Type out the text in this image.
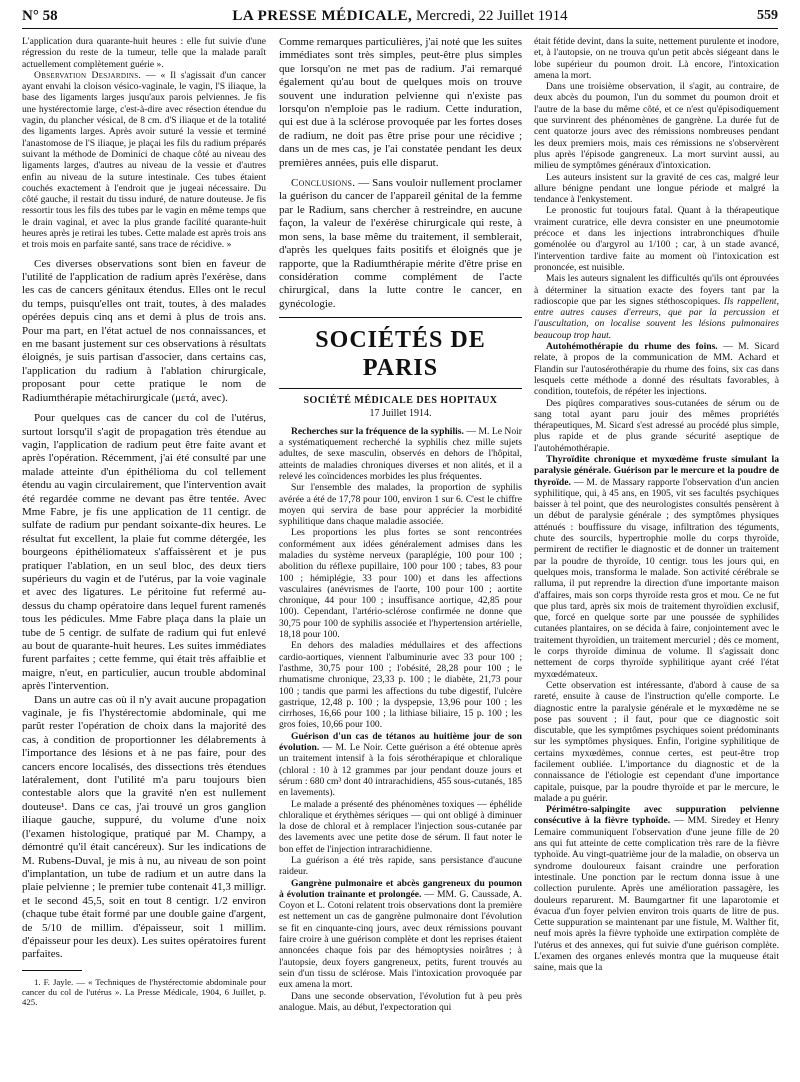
N° 58	LA PRESSE MÉDICALE, Mercredi, 22 Juillet 1914	559

L'application dura quarante-huit heures : elle fut suivie d'une régression du reste de la tumeur, telle que la malade paraît actuellement complètement guérie ».

Observation Desjardins. — « Il s'agissait d'un cancer ayant envahi la cloison vésico-vaginale, le vagin, l'S iliaque, la base des ligaments larges jusqu'aux parois pelviennes. Je fis une hystérectomie large, c'est-à-dire avec résection étendue du vagin, du plancher vésical, de 8 cm. d'S iliaque et de la totalité des ligaments larges. Après avoir suturé la vessie et terminé l'anastomose de l'S iliaque, je plaçai les fils du radium préparés suivant la méthode de Dominici de chaque côté au niveau des ligaments larges, d'autres au niveau de la vessie et d'autres enfin au niveau de la suture intestinale. Ces tubes étaient couchés exactement à l'endroit que je jugeai nécessaire. Du côté gauche, il restait du tissu induré, de nature douteuse. Je fis ressortir tous les fils des tubes par le vagin en même temps que le drain vaginal, et avec la plus grande facilité quarante-huit heures après je retirai les tubes. Cette malade est après trois ans et trois mois en parfaite santé, sans trace de récidive. »

Ces diverses observations sont bien en faveur de l'utilité de l'application de radium après l'exérèse, dans les cas de cancers génitaux étendus. Elles ont le recul du temps, puisqu'elles ont trait, toutes, à des malades opérées depuis cinq ans et demi à plus de trois ans. Pour ma part, en l'état actuel de nos connaissances, et en me basant justement sur ces observations à résultats éloignés, je suis partisan d'associer, dans certains cas, l'application du radium à l'ablation chirurgicale, proposant pour cette pratique le nom de Radiumthérapie métachirurgicale (μετά, avec).

Pour quelques cas de cancer du col de l'utérus, surtout lorsqu'il s'agit de propagation très étendue au vagin, l'application de radium peut être faite avant et après l'opération. Récemment, j'ai été consulté par une malade atteinte d'un épithélioma du col tellement étendu au vagin circulairement, que l'intervention avait été regardée comme ne devant pas être tentée. Avec Mme Fabre, je fis une application de 11 centigr. de sulfate de radium pur pendant soixante-dix heures. Le résultat fut excellent, la plaie fut comme détergée, les bourgeons épithéliomateux s'affaissèrent et je pus pratiquer l'ablation, en un seul bloc, des deux tiers supérieurs du vagin et de l'utérus, par la voie vaginale et avec des ligatures. Le péritoine fut refermé au-dessus du champ opératoire dans lequel furent ramenés tous les pédicules. Mme Fabre plaça dans la plaie un tube de 5 centigr. de sulfate de radium qui fut enlevé au bout de quarante-huit heures. Les suites immédiates furent parfaites ; cette femme, qui était très affaiblie et maigre, n'eut, en particulier, aucun trouble abdominal après l'intervention.

Dans un autre cas où il n'y avait aucune propagation vaginale, je fis l'hystérectomie abdominale, qui me parût rester l'opération de choix dans la majorité des cas, à condition de proportionner les délabrements à l'importance des lésions et à ne pas faire, pour des cancers encore localisés, des dissections très étendues latéralement, dont l'utilité m'a paru toujours bien contestable alors que la gravité n'en est nullement douteuse¹. Dans ce cas, j'ai trouvé un gros ganglion iliaque gauche, suppuré, du volume d'une noix (l'examen histologique, pratiqué par M. Champy, a démontré qu'il était cancéreux). Sur les indications de M. Rubens-Duval, je mis à nu, au niveau de son point d'implantation, un tube de radium et un autre dans la plaie pelvienne ; le premier tube contenait 41,3 milligr. et le second 45,5, soit en tout 8 centigr. 1/2 environ (chaque tube était formé par une double gaine d'argent, de 5/10 de millim. d'épaisseur, soit 1 millim. d'épaisseur pour les deux). Les suites opératoires furent parfaites.

1. F. Jayle. — « Techniques de l'hystérectomie abdominale pour cancer du col de l'utérus ». La Presse Médicale, 1904, 6 Juillet, p. 425.

Comme remarques particulières, j'ai noté que les suites immédiates sont très simples, peut-être plus simples que lorsqu'on ne met pas de radium. J'ai remarqué également qu'au bout de quelques mois on trouve souvent une induration pelvienne qui n'existe pas lorsqu'on n'emploie pas le radium. Cette induration, qui est due à la sclérose provoquée par les fortes doses de radium, ne doit pas être prise pour une récidive ; dans un de mes cas, je l'ai constatée pendant les deux premières années, puis elle disparut.

Conclusions. — Sans vouloir nullement proclamer la guérison du cancer de l'appareil génital de la femme par le Radium, sans chercher à restreindre, en aucune façon, la valeur de l'exérèse chirurgicale qui reste, à mon sens, la base même du traitement, il semblerait, d'après les quelques faits positifs et éloignés que je rapporte, que la Radiumthérapie mérite d'être prise en considération comme complément de l'acte chirurgical, dans la lutte contre le cancer, en gynécologie.

SOCIÉTÉS DE PARIS
SOCIÉTÉ MÉDICALE DES HOPITAUX
17 Juillet 1914.

Recherches sur la fréquence de la syphilis. — M. Le Noir a systématiquement recherché la syphilis chez mille sujets adultes, de sexe masculin, observés en dehors de l'hôpital, atteints de maladies chroniques diverses et non alités, et il a relevé les coïncidences morbides les plus fréquentes.

Sur l'ensemble des malades, la proportion de syphilis avérée a été de 17,78 pour 100, environ 1 sur 6. C'est le chiffre moyen qui servira de base pour apprécier la morbidité syphilitique dans chaque maladie associée.

Les proportions les plus fortes se sont rencontrées conformément aux idées généralement admises dans les maladies du système nerveux (paraplégie, 100 pour 100 ; abolition du réflexe pupillaire, 100 pour 100 ; tabes, 83 pour 100 ; hémiplégie, 33 pour 100) et dans les affections vasculaires (anévrismes de l'aorte, 100 pour 100 ; aortite chronique, 44 pour 100 ; insuffisance aortique, 42,85 pour 100). Cependant, l'artério-sclérose confirmée ne donne que 30,75 pour 100 de syphilis associée et l'hypertension artérielle, 18,18 pour 100.

En dehors des maladies médullaires et des affections cardio-aortiques, viennent l'albuminurie avec 33 pour 100 ; l'asthme, 30,75 pour 100 ; l'obésité, 28,28 pour 100 ; le rhumatisme chronique, 23,33 p. 100 ; le diabète, 21,73 pour 100 ; tandis que parmi les affections du tube digestif, l'ulcère gastrique, 12,48 p. 100 ; la dyspepsie, 13,96 pour 100 ; les cirrhoses, 16,66 pour 100 ; la lithiase biliaire, 15 p. 100 ; les gros foies, 10,66 pour 100.

Guérison d'un cas de tétanos au huitième jour de son évolution. — M. Le Noir. Cette guérison a été obtenue après un traitement intensif à la fois sérothérapique et chloralique (chloral : 10 à 12 grammes par jour pendant douze jours et sérum : 680 cm³ dont 40 intrarachidiens, 455 sous-cutanés, 185 en lavements).

Le malade a présenté des phénomènes toxiques — éphélide chloralique et érythèmes sériques — qui ont obligé à diminuer la dose de chloral et à remplacer l'injection sous-cutanée par des lavements avec une petite dose de sérum. Il faut noter le bon effet de l'injection intrarachidienne.

La guérison a été très rapide, sans persistance d'aucune raideur.

Gangrène pulmonaire et abcès gangreneux du poumon à évolution traînante et prolongée. — MM. G. Caussade, A. Coyon et L. Cotoni relatent trois observations dont la première est nettement un cas de gangrène pulmonaire dont l'évolution se fit en cinquante-cinq jours, avec deux rémissions pouvant faire croire à une guérison complète et dont les reprises étaient annoncées chaque fois par des hémoptysies noirâtres ; à l'autopsie, deux foyers gangreneux, petits, furent trouvés au sein d'un tissu de sclérose. Mais l'intoxication provoquée par eux amena la mort.

Dans une seconde observation, l'évolution fut à peu près analogue. Mais, au début, l'expectoration qui

était fétide devint, dans la suite, nettement purulente et inodore, et, à l'autopsie, on ne trouva qu'un petit abcès siégeant dans le lobe supérieur du poumon droit. Là encore, l'intoxication amena la mort.

Dans une troisième observation, il s'agit, au contraire, de deux abcès du poumon, l'un du sommet du poumon droit et l'autre de la base du même côté, et ce n'est qu'épisodiquement que survinrent des phénomènes de gangrène. La durée fut de cent quatorze jours avec des rémissions nombreuses pendant les deux premiers mois, mais ces rémissions ne s'observèrent plus après l'épisode gangreneux. La mort survint aussi, au milieu de symptômes généraux d'intoxication.

Les auteurs insistent sur la gravité de ces cas, malgré leur allure bénigne pendant une longue période et malgré la tendance à l'enkystement.

Le pronostic fut toujours fatal. Quant à la thérapeutique vraiment curatrice, elle devra consister en une pneumotomie précoce et dans les injections intrabronchiques d'huile goménolée ou d'argyrol au 1/100 ; car, à un stade avancé, l'intervention tardive faite au moment où l'intoxication est prononcée, est nuisible.

Mais les auteurs signalent les difficultés qu'ils ont éprouvées à déterminer la situation exacte des foyers tant par la radioscopie que par les signes stéthoscopiques. Ils rappellent, entre autres causes d'erreurs, que par la percussion et l'auscultation, on localise souvent les lésions pulmonaires beaucoup trop haut.

Autohémothérapie du rhume des foins. — M. Sicard relate, à propos de la communication de MM. Achard et Flandin sur l'autosérothérapie du rhume des foins, six cas dans lesquels cette méthode a donné des résultats favorables, à condition, toutefois, de répéter les injections.

Des piqûres comparatives sous-cutanées de sérum ou de sang total ayant paru jouir des mêmes propriétés thérapeutiques, M. Sicard s'est adressé au procédé plus simple, plus rapide et de plus grande sécurité aseptique de l'autohémothérapie.

Thyroïdite chronique et myxœdème fruste simulant la paralysie générale. Guérison par le mercure et la poudre de thyroïde. — M. de Massary rapporte l'observation d'un ancien syphilitique, qui, à 45 ans, en 1905, vit ses facultés psychiques baisser à tel point, que des neurologistes consultés pensèrent à un début de paralysie générale ; des symptômes physiques atténués : bouffissure du visage, infiltration des téguments, chute des sourcils, hypertrophie molle du corps thyroïde, permirent de rectifier le diagnostic et de donner un traitement par la poudre de thyroïde, 10 centigr. tous les jours qui, en quelques mois, transforma le malade. Son activité cérébrale se ralluma, il put reprendre la direction d'une importante maison d'affaires, mais son corps thyroïde resta gros et mou. Ce ne fut que plus tard, après six mois de traitement thyroïdien exclusif, que, forcé en quelque sorte par une poussée de syphilides cutanées plantaires, on se décida à faire, conjointement avec le traitement thyroïdien, un traitement mercuriel ; dès ce moment, le corps thyroïde diminua de volume. Il s'agissait donc nettement de corps thyroïde syphilitique ayant créé l'état myxœdémateux.

Cette observation est intéressante, d'abord à cause de sa rareté, ensuite à cause de l'instruction qu'elle comporte. Le diagnostic entre la paralysie générale et le myxœdème ne se pose pas souvent ; il faut, pour que ce diagnostic soit discutable, que les symptômes psychiques soient prédominants sur les symptômes physiques. Enfin, l'origine syphilitique de certains myxœdèmes, connue certes, est peut-être trop facilement oubliée. L'importance du diagnostic et de la connaissance de l'étiologie est cependant d'une importance capitale, puisque, par la poudre thyroïde et par le mercure, le malade a pu guérir.

Périmétro-salpingite avec suppuration pelvienne consécutive à la fièvre typhoïde. — MM. Siredey et Henry Lemaire communiquent l'observation d'une jeune fille de 20 ans qui fut atteinte de cette complication très rare de la fièvre typhoïde. Au vingt-quatrième jour de la maladie, on observa un syndrome douloureux faisant craindre une perforation intestinale. Une ponction par le rectum donna issue à une collection purulente. Après une amélioration passagère, les douleurs reparurent. M. Baumgartner fit une laparotomie et évacua d'un foyer pelvien environ trois quarts de litre de pus. Cette suppuration se maintenant par une fistule, M. Walther fit, neuf mois après la fièvre typhoïde une extirpation complète de l'utérus et des annexes, qui fut suivie d'une guérison complète. L'examen des organes enlevés montra que la muqueuse était saine, mais que la
